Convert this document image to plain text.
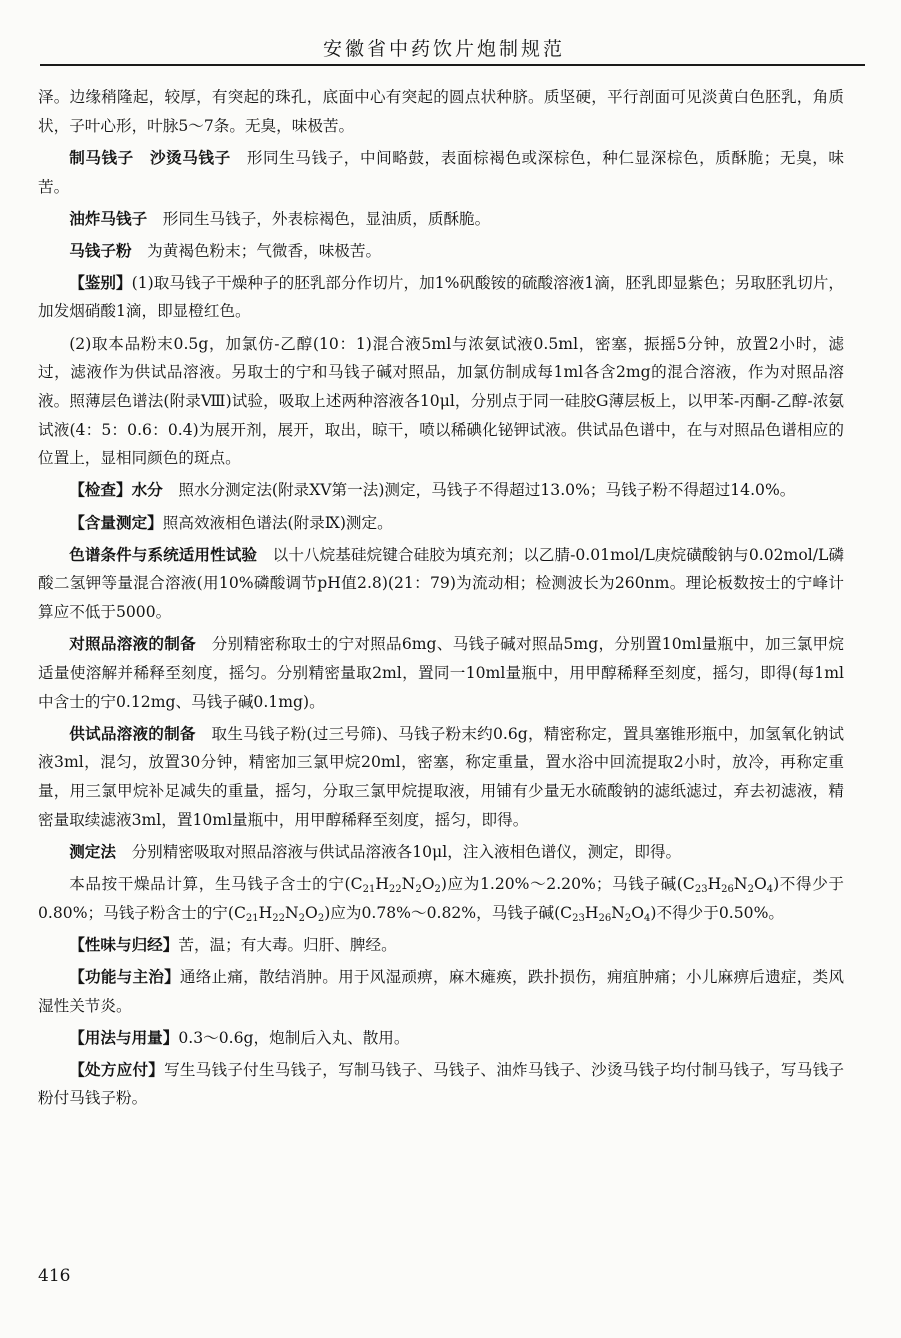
安徽省中药饮片炮制规范

泽。边缘稍隆起，较厚，有突起的珠孔，底面中心有突起的圆点状种脐。质坚硬，平行剖面可见淡黄白色胚乳，角质状，子叶心形，叶脉5～7条。无臭，味极苦。

制马钱子　沙烫马钱子　形同生马钱子，中间略鼓，表面棕褐色或深棕色，种仁显深棕色，质酥脆；无臭，味苦。

油炸马钱子　形同生马钱子，外表棕褐色，显油质，质酥脆。

马钱子粉　为黄褐色粉末；气微香，味极苦。

【鉴别】(1)取马钱子干燥种子的胚乳部分作切片，加1%矾酸铵的硫酸溶液1滴，胚乳即显紫色；另取胚乳切片，加发烟硝酸1滴，即显橙红色。

(2)取本品粉末0.5g，加氯仿-乙醇(10：1)混合液5ml与浓氨试液0.5ml，密塞，振摇5分钟，放置2小时，滤过，滤液作为供试品溶液。另取士的宁和马钱子碱对照品，加氯仿制成每1ml各含2mg的混合溶液，作为对照品溶液。照薄层色谱法(附录Ⅷ)试验，吸取上述两种溶液各10μl，分别点于同一硅胶G薄层板上，以甲苯-丙酮-乙醇-浓氨试液(4：5：0.6：0.4)为展开剂，展开，取出，晾干，喷以稀碘化铋钾试液。供试品色谱中，在与对照品色谱相应的位置上，显相同颜色的斑点。

【检查】水分　照水分测定法(附录ⅩⅤ第一法)测定，马钱子不得超过13.0%；马钱子粉不得超过14.0%。

【含量测定】照高效液相色谱法(附录Ⅸ)测定。

色谱条件与系统适用性试验　以十八烷基硅烷键合硅胶为填充剂；以乙腈-0.01mol/L庚烷磺酸钠与0.02mol/L磷酸二氢钾等量混合溶液(用10%磷酸调节pH值2.8)(21：79)为流动相；检测波长为260nm。理论板数按士的宁峰计算应不低于5000。

对照品溶液的制备　分别精密称取士的宁对照品6mg、马钱子碱对照品5mg，分别置10ml量瓶中，加三氯甲烷适量使溶解并稀释至刻度，摇匀。分别精密量取2ml，置同一10ml量瓶中，用甲醇稀释至刻度，摇匀，即得(每1ml中含士的宁0.12mg、马钱子碱0.1mg)。

供试品溶液的制备　取生马钱子粉(过三号筛)、马钱子粉末约0.6g，精密称定，置具塞锥形瓶中，加氢氧化钠试液3ml，混匀，放置30分钟，精密加三氯甲烷20ml，密塞，称定重量，置水浴中回流提取2小时，放冷，再称定重量，用三氯甲烷补足减失的重量，摇匀，分取三氯甲烷提取液，用铺有少量无水硫酸钠的滤纸滤过，弃去初滤液，精密量取续滤液3ml，置10ml量瓶中，用甲醇稀释至刻度，摇匀，即得。

测定法　分别精密吸取对照品溶液与供试品溶液各10μl，注入液相色谱仪，测定，即得。

本品按干燥品计算，生马钱子含士的宁$(C_{21}H_{22}N_2O_2)$应为1.20%～2.20%；马钱子碱$(C_{23}H_{26}N_2O_4)$不得少于0.80%；马钱子粉含士的宁$(C_{21}H_{22}N_2O_2)$应为0.78%～0.82%，马钱子碱$(C_{23}H_{26}N_2O_4)$不得少于0.50%。

【性味与归经】苦，温；有大毒。归肝、脾经。

【功能与主治】通络止痛，散结消肿。用于风湿顽痹，麻木瘫痪，跌扑损伤，痈疽肿痛；小儿麻痹后遗症，类风湿性关节炎。

【用法与用量】0.3～0.6g，炮制后入丸、散用。

【处方应付】写生马钱子付生马钱子，写制马钱子、马钱子、油炸马钱子、沙烫马钱子均付制马钱子，写马钱子粉付马钱子粉。

416
